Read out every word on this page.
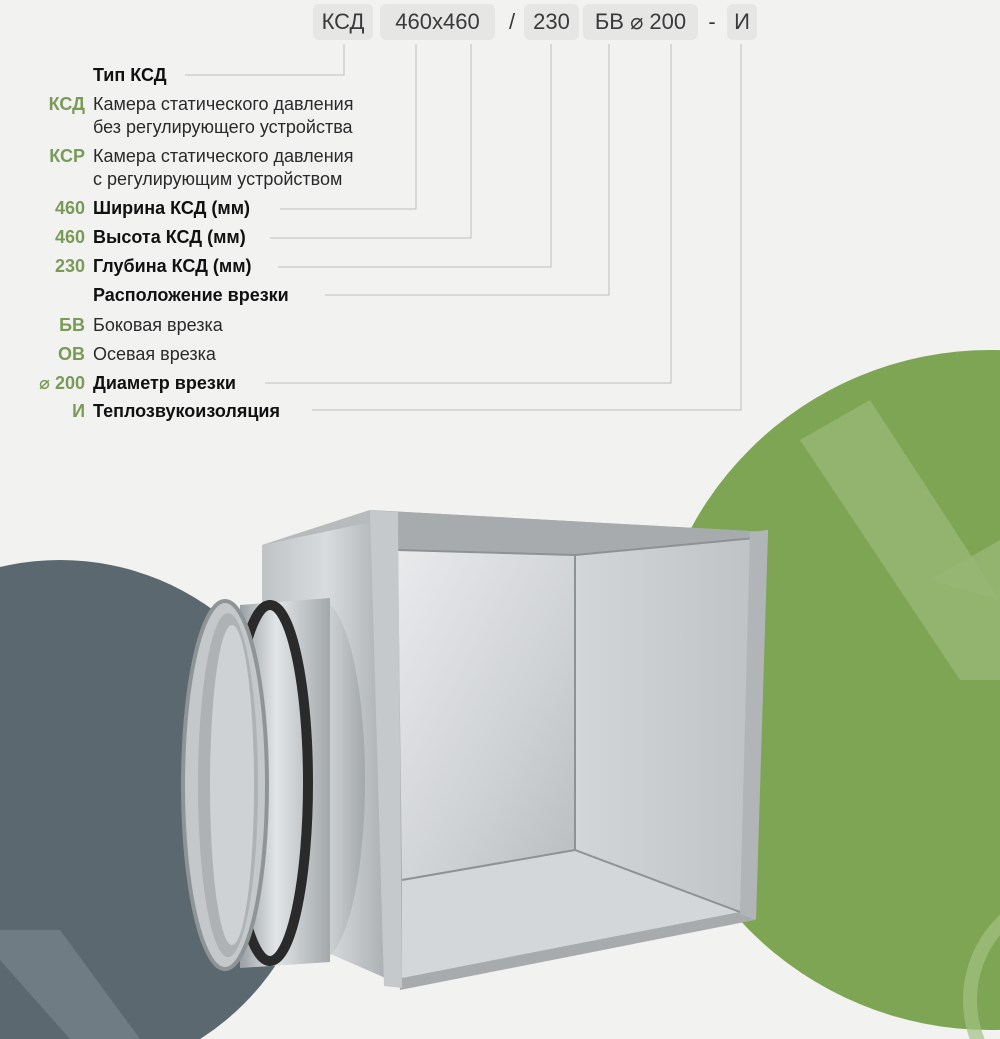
КСД	460х460	/ 230	БВ ⌀ 200	- И
Тип КСД
КСД Камера статического давления
без регулирующего устройства
КСР Камера статического давления
с регулирующим устройством
460 Ширина КСД (мм)
460 Высота КСД (мм)
230 Глубина КСД (мм)
Расположение врезки
БВ Боковая врезка
ОВ Осевая врезка
⌀ 200 Диаметр врезки
И Теплозвукоизоляция
